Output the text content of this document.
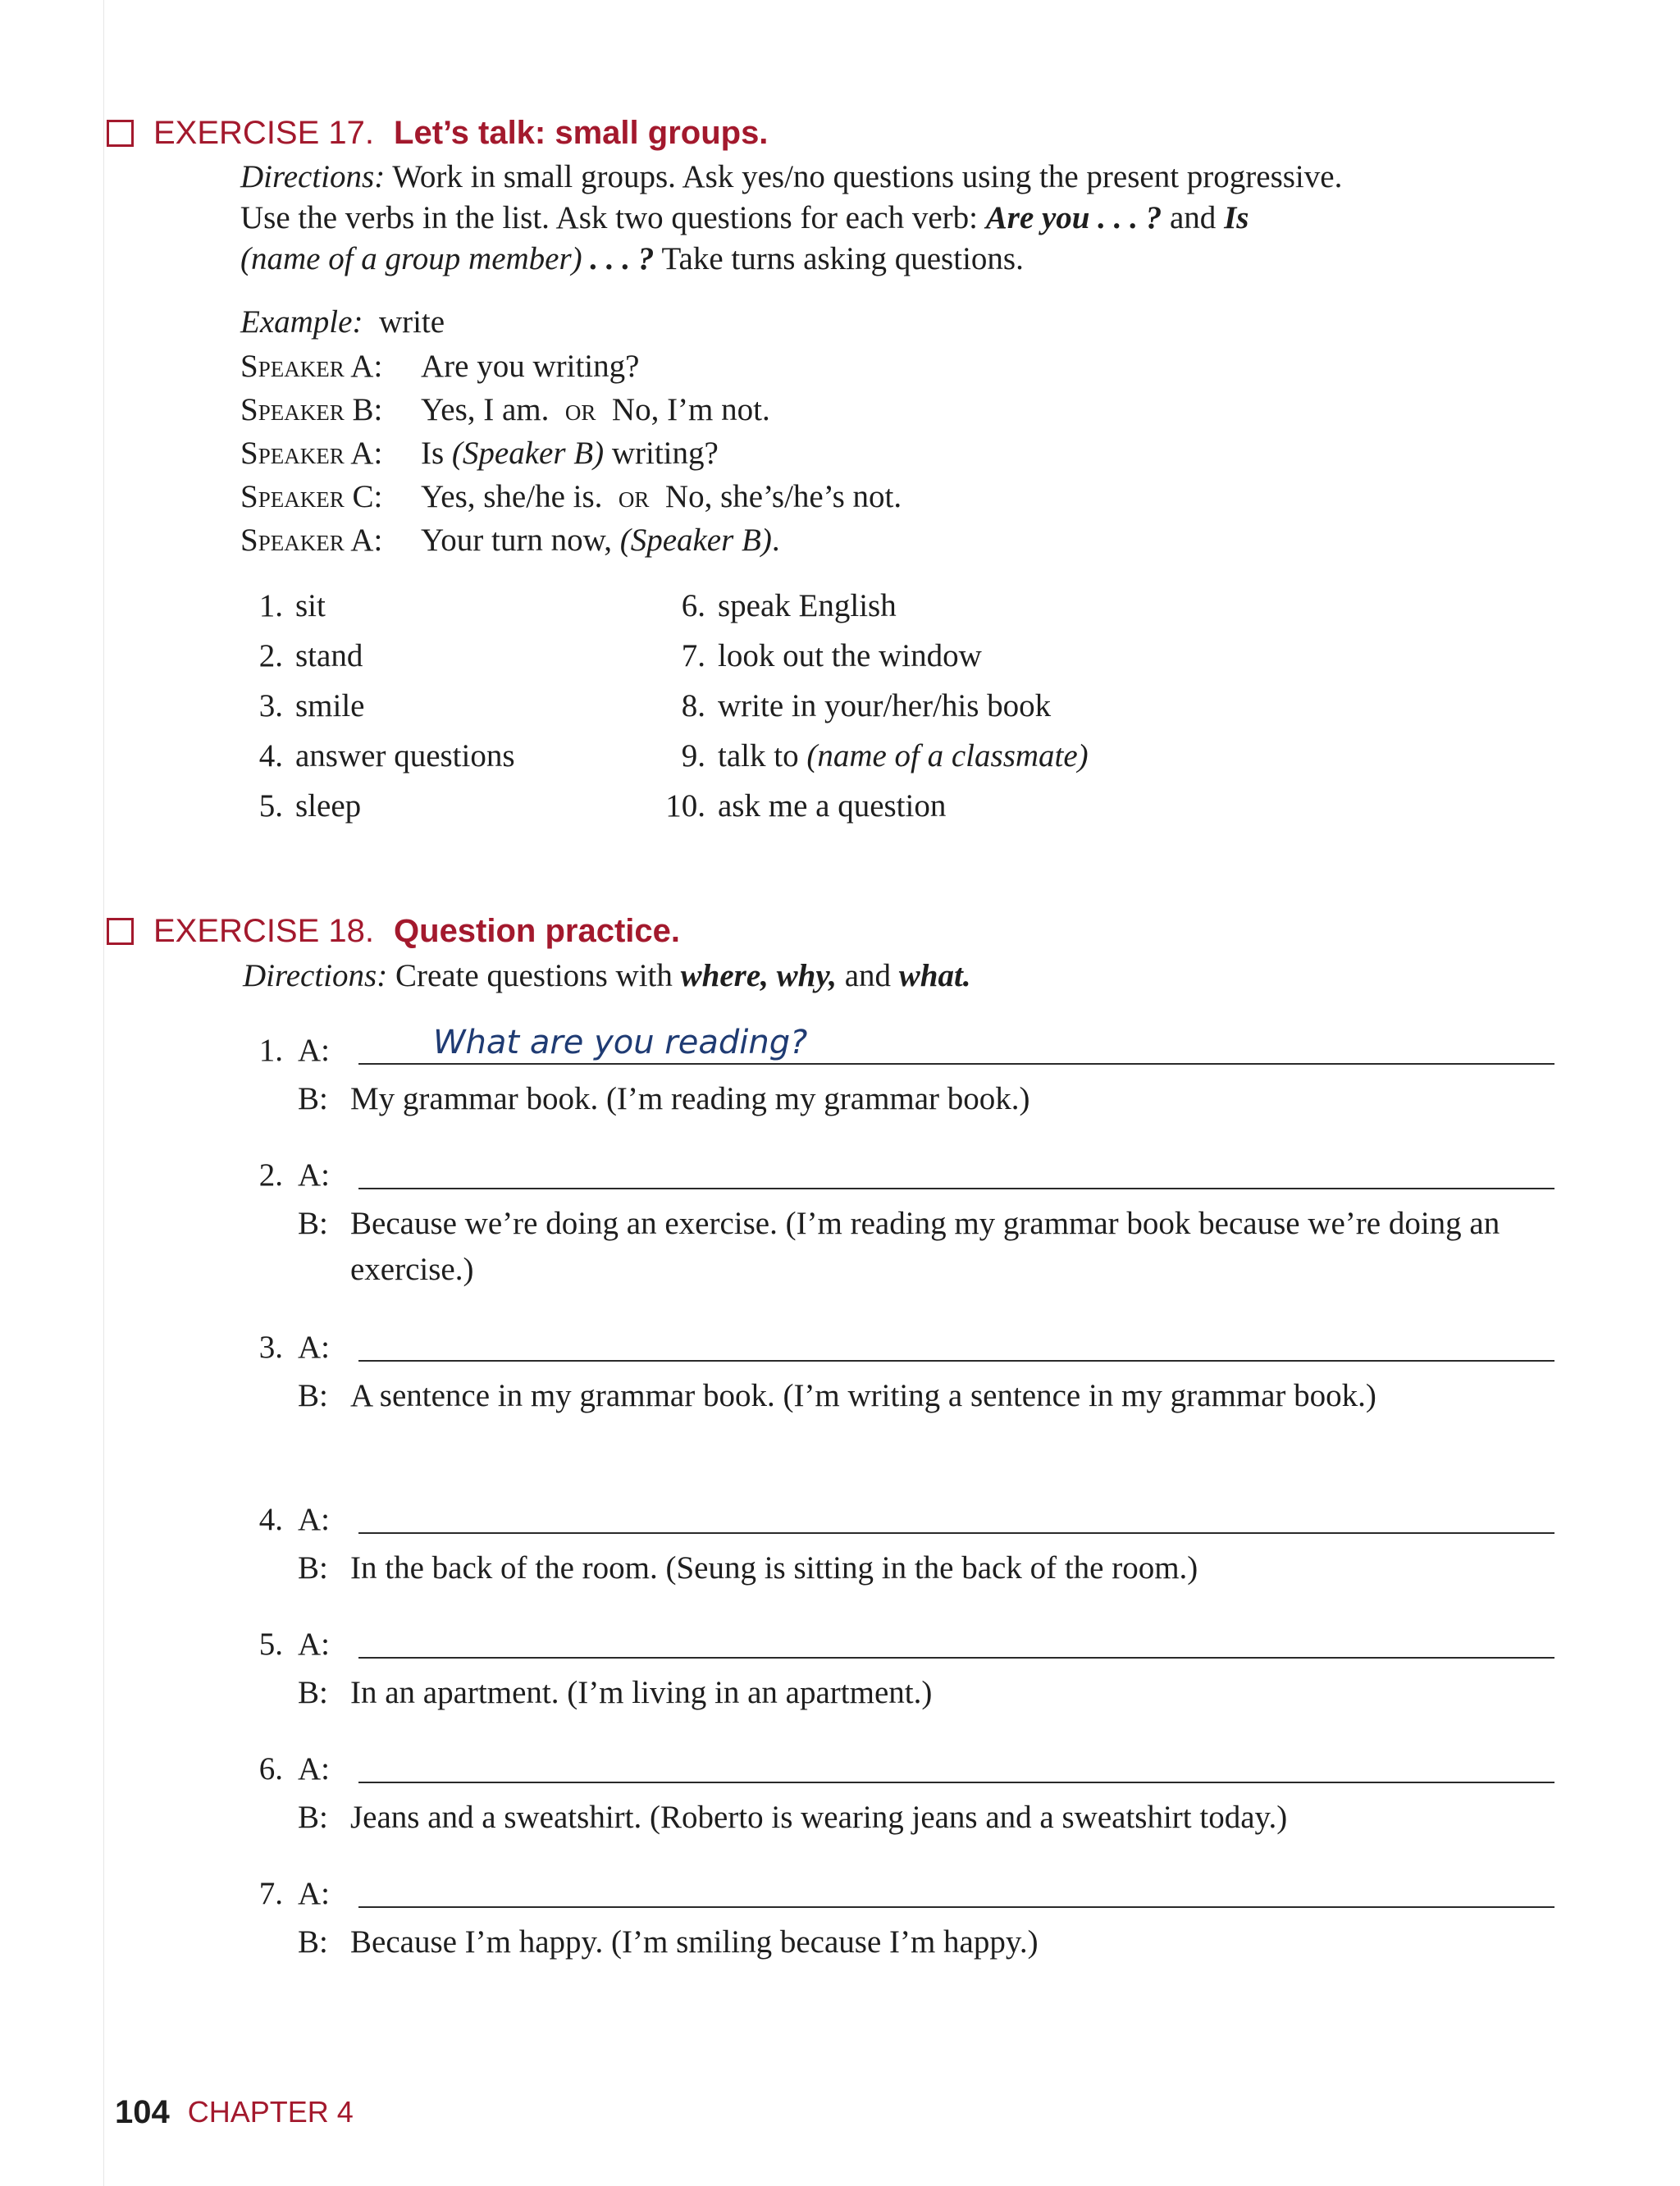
EXERCISE 17. Let’s talk: small groups.
Directions: Work in small groups. Ask yes/no questions using the present progressive.
Use the verbs in the list. Ask two questions for each verb: Are you . . . ? and Is
(name of a group member) . . . ? Take turns asking questions.
Example: write
Speaker A: Are you writing?
Speaker B: Yes, I am. or No, I’m not.
Speaker A: Is (Speaker B) writing?
Speaker C: Yes, she/he is. or No, she’s/he’s not.
Speaker A: Your turn now, (Speaker B).
1. sit
2. stand
3. smile
4. answer questions
5. sleep
6. speak English
7. look out the window
8. write in your/her/his book
9. talk to (name of a classmate)
10. ask me a question
EXERCISE 18. Question practice.
Directions: Create questions with where, why, and what.
1. A:	What are you reading?
B: My grammar book. (I’m reading my grammar book.)
2. A:
B: Because we’re doing an exercise. (I’m reading my grammar book because we’re doing an exercise.)
3. A:
B: A sentence in my grammar book. (I’m writing a sentence in my grammar book.)
4. A:
B: In the back of the room. (Seung is sitting in the back of the room.)
5. A:
B: In an apartment. (I’m living in an apartment.)
6. A:
B: Jeans and a sweatshirt. (Roberto is wearing jeans and a sweatshirt today.)
7. A:
B: Because I’m happy. (I’m smiling because I’m happy.)
104 CHAPTER 4
